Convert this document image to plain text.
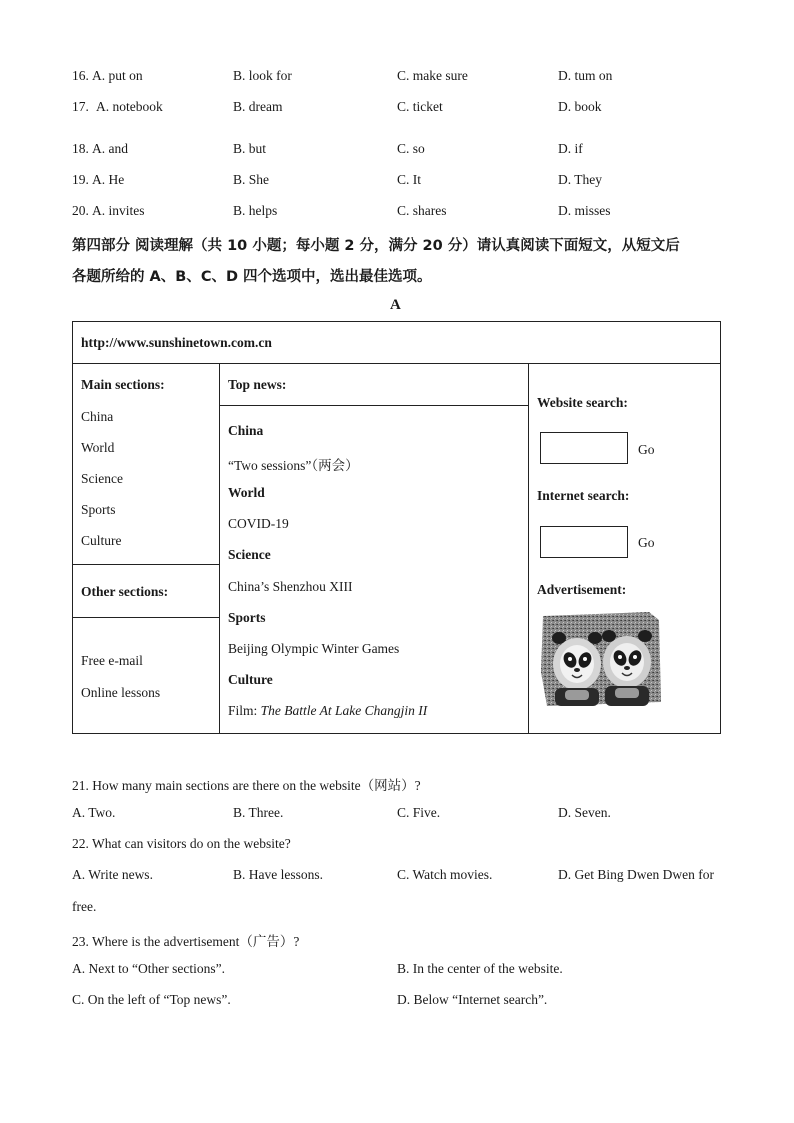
16. A. put on	B. look for	C. make sure	D. tum on
17. A. notebook	B. dream	C. ticket	D. book
18. A. and	B. but	C. so	D. if
19. A. He	B. She	C. It	D. They
20. A. invites	B. helps	C. shares	D. misses
第四部分 阅读理解（共 10 小题；每小题 2 分，满分 20 分）请认真阅读下面短文，从短文后
各题所给的 A、B、C、D 四个选项中，选出最佳选项。
A
http://www.sunshinetown.com.cn
Main sections:
China
World
Science
Sports
Culture
Other sections:
Free e-mail
Online lessons
Top news:
China
“Two sessions”（两会）
World
COVID-19
Science
China’s Shenzhou XIII
Sports
Beijing Olympic Winter Games
Culture
Film: The Battle At Lake Changjin II
Website search:
Go
Internet search:
Go
Advertisement:
21. How many main sections are there on the website（网站）?
A. Two.	B. Three.	C. Five.	D. Seven.
22. What can visitors do on the website?
A. Write news.	B. Have lessons.	C. Watch movies.	D. Get Bing Dwen Dwen for
free.
23. Where is the advertisement（广告）?
A. Next to “Other sections”.	B. In the center of the website.
C. On the left of “Top news”.	D. Below “Internet search”.
